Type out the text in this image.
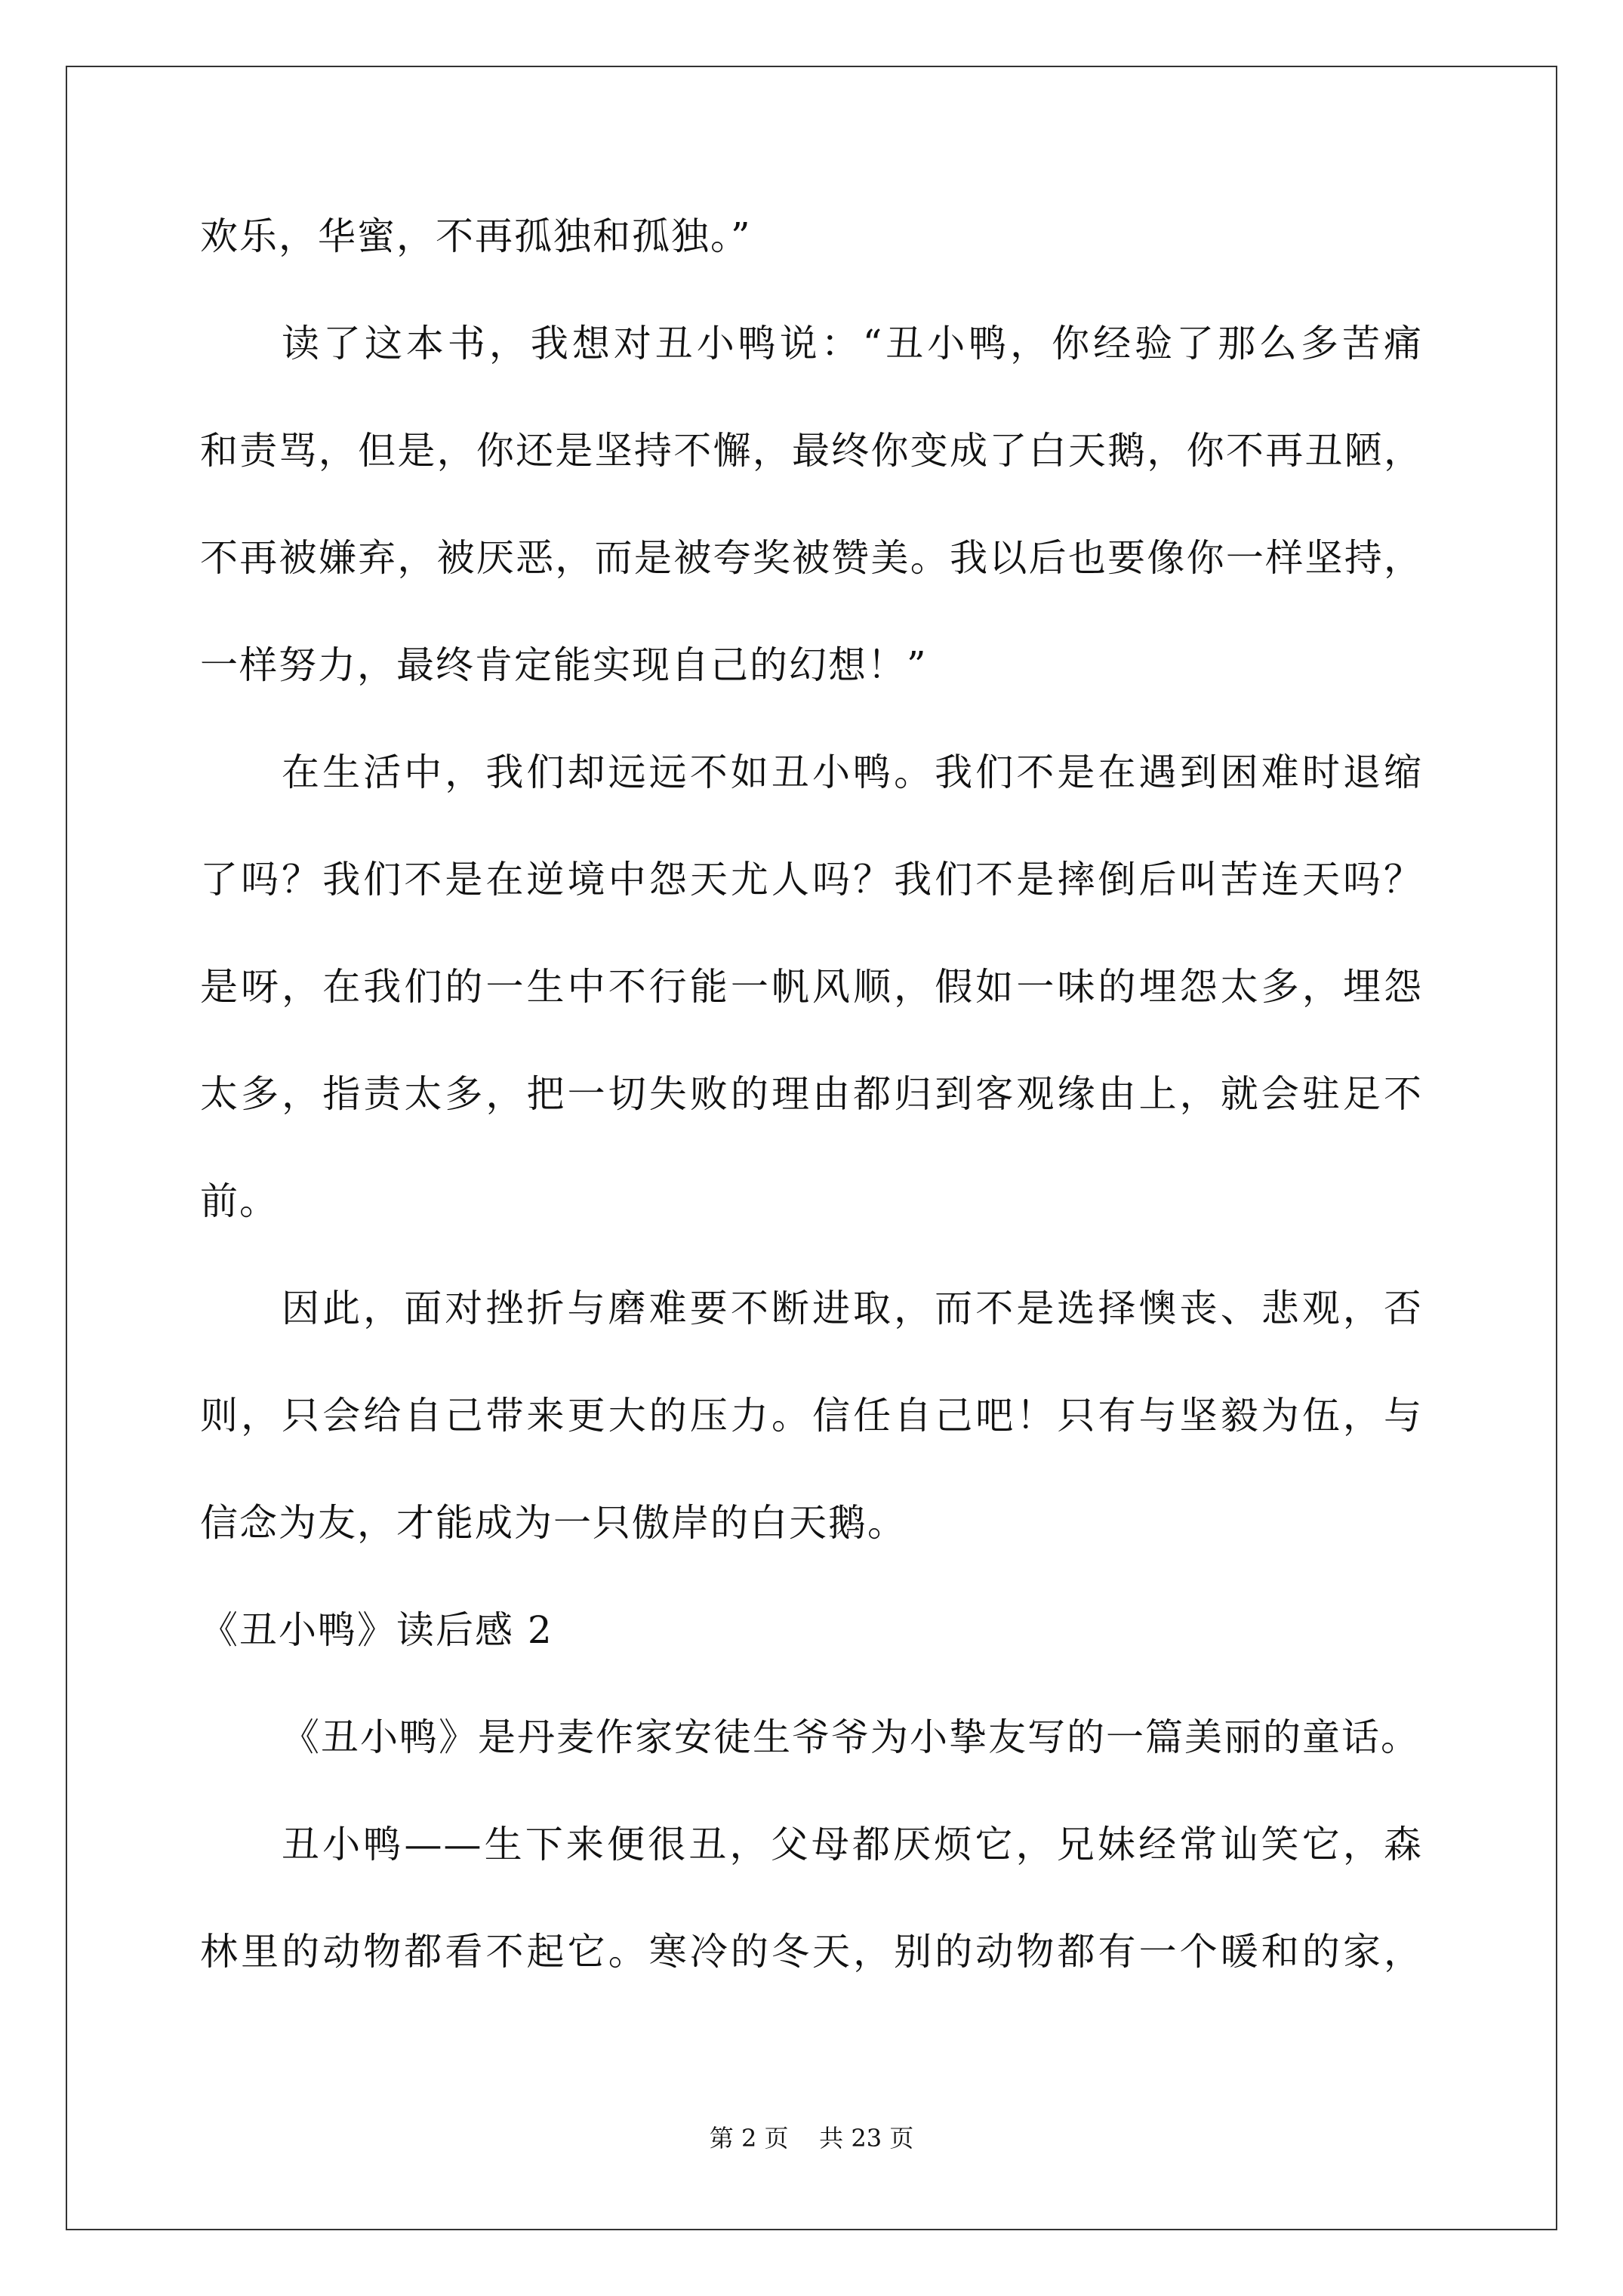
欢乐，华蜜，不再孤独和孤独。”
读了这本书，我想对丑小鸭说：“丑小鸭，你经验了那么多苦痛
和责骂，但是，你还是坚持不懈，最终你变成了白天鹅，你不再丑陋，
不再被嫌弃，被厌恶，而是被夸奖被赞美。我以后也要像你一样坚持，
一样努力，最终肯定能实现自己的幻想！”
在生活中，我们却远远不如丑小鸭。我们不是在遇到困难时退缩
了吗？我们不是在逆境中怨天尤人吗？我们不是摔倒后叫苦连天吗？
是呀，在我们的一生中不行能一帆风顺，假如一味的埋怨太多，埋怨
太多，指责太多，把一切失败的理由都归到客观缘由上，就会驻足不
前。
因此，面对挫折与磨难要不断进取，而不是选择懊丧、悲观，否
则，只会给自己带来更大的压力。信任自己吧！只有与坚毅为伍，与
信念为友，才能成为一只傲岸的白天鹅。
《丑小鸭》读后感 2
《丑小鸭》是丹麦作家安徒生爷爷为小挚友写的一篇美丽的童话。
丑小鸭——生下来便很丑，父母都厌烦它，兄妹经常讪笑它，森
林里的动物都看不起它。寒冷的冬天，别的动物都有一个暖和的家，
第 2 页    共 23 页
